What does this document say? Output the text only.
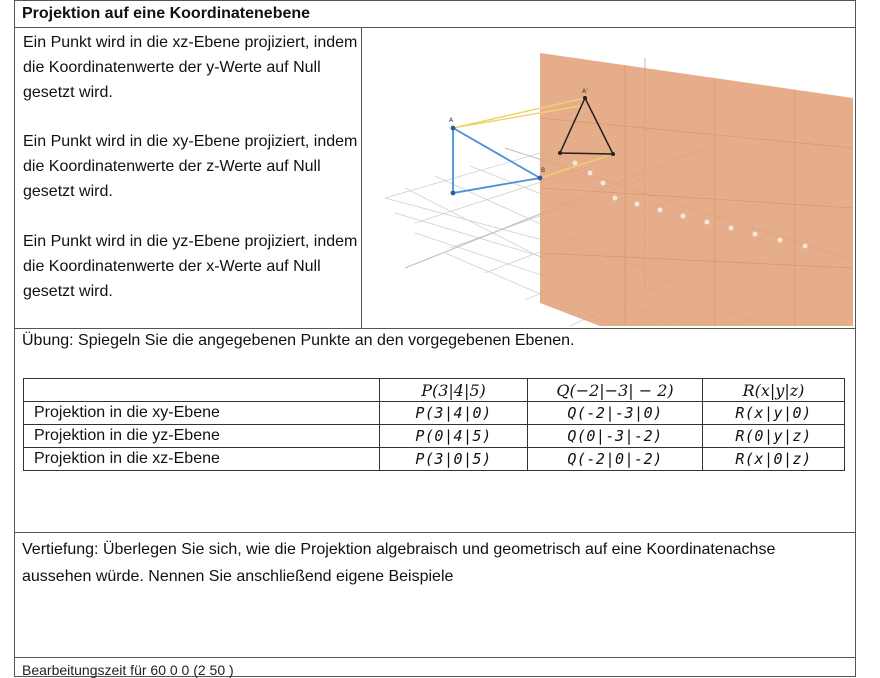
Projektion auf eine Koordinatenebene
Ein Punkt wird in die xz-Ebene projiziert, indem die Koordinatenwerte der y-Werte auf Null gesetzt wird.
Ein Punkt wird in die xy-Ebene projiziert, indem die Koordinatenwerte der z-Werte auf Null gesetzt wird.
Ein Punkt wird in die yz-Ebene projiziert, indem die Koordinatenwerte der x-Werte auf Null gesetzt wird.
A
B
A'
Übung: Spiegeln Sie die angegebenen Punkte an den vorgegebenen Ebenen.
	P(3|4|5)	Q(−2|−3| − 2)	R(x|y|z)
Projektion in die xy-Ebene	P(3|4|0)	Q(-2|-3|0)	R(x|y|0)
Projektion in die yz-Ebene	P(0|4|5)	Q(0|-3|-2)	R(0|y|z)
Projektion in die xz-Ebene	P(3|0|5)	Q(-2|0|-2)	R(x|0|z)
Vertiefung: Überlegen Sie sich, wie die Projektion algebraisch und geometrisch auf eine Koordinatenachse aussehen würde. Nennen Sie anschließend eigene Beispiele
Bearbeitungszeit für 60 0 0 (2 50 )
